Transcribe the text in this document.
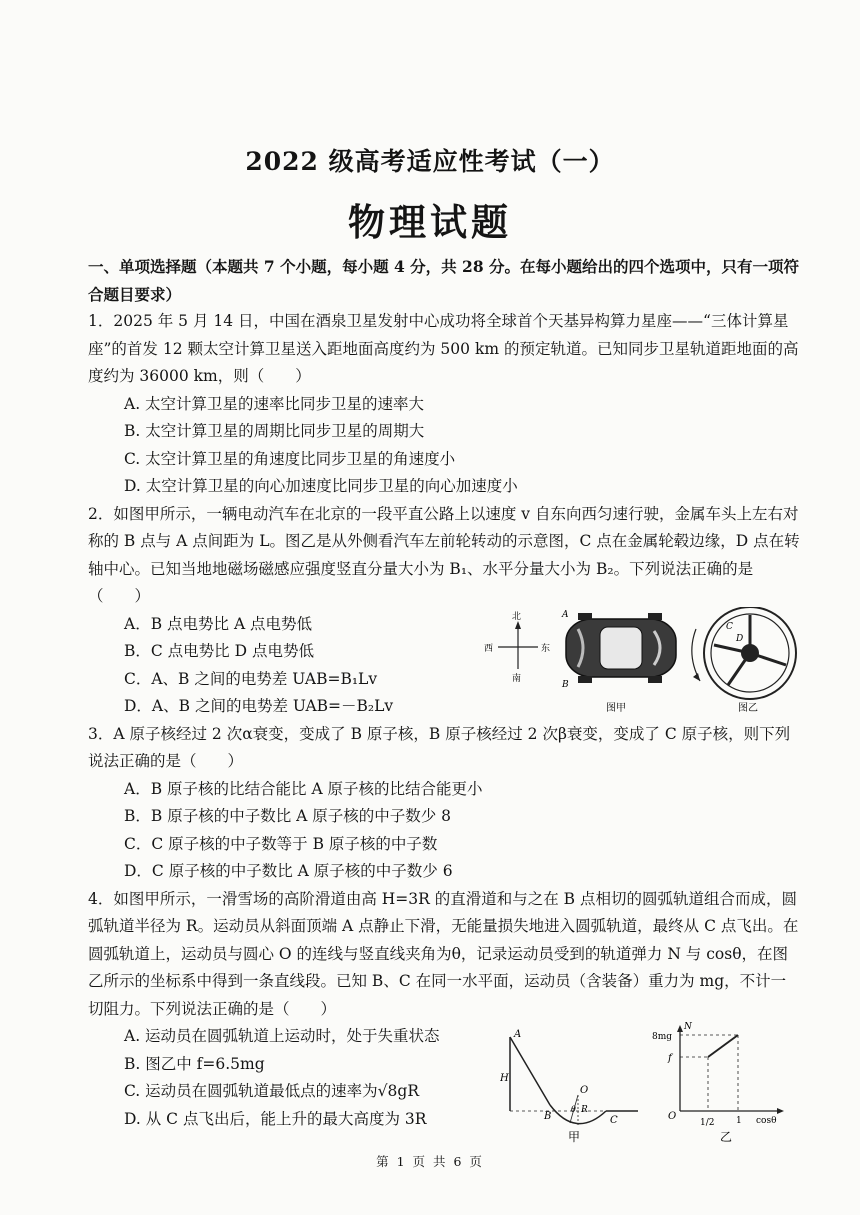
2022 级高考适应性考试（一）
物理试题
一、单项选择题（本题共 7 个小题，每小题 4 分，共 28 分。在每小题给出的四个选项中，只有一项符合题目要求）
1．2025 年 5 月 14 日，中国在酒泉卫星发射中心成功将全球首个天基异构算力星座——“三体计算星座”的首发 12 颗太空计算卫星送入距地面高度约为 500 km 的预定轨道。已知同步卫星轨道距地面的高度约为 36000 km，则（　　）
A. 太空计算卫星的速率比同步卫星的速率大
B. 太空计算卫星的周期比同步卫星的周期大
C. 太空计算卫星的角速度比同步卫星的角速度小
D. 太空计算卫星的向心加速度比同步卫星的向心加速度小
2．如图甲所示，一辆电动汽车在北京的一段平直公路上以速度 v 自东向西匀速行驶，金属车头上左右对称的 B 点与 A 点间距为 L。图乙是从外侧看汽车左前轮转动的示意图，C 点在金属轮毂边缘，D 点在转轴中心。已知当地地磁场磁感应强度竖直分量大小为 B₁、水平分量大小为 B₂。下列说法正确的是（　　）
A．B 点电势比 A 点电势低
B．C 点电势比 D 点电势低
C．A、B 之间的电势差 UAB=B₁Lv
D．A、B 之间的电势差 UAB=－B₂Lv
北
南
西	东
A
B
图甲
C
D
图乙
3．A 原子核经过 2 次α衰变，变成了 B 原子核，B 原子核经过 2 次β衰变，变成了 C 原子核，则下列说法正确的是（　　）
A．B 原子核的比结合能比 A 原子核的比结合能更小
B．B 原子核的中子数比 A 原子核的中子数少 8
C．C 原子核的中子数等于 B 原子核的中子数
D．C 原子核的中子数比 A 原子核的中子数少 6
4．如图甲所示，一滑雪场的高阶滑道由高 H=3R 的直滑道和与之在 B 点相切的圆弧轨道组合而成，圆弧轨道半径为 R。运动员从斜面顶端 A 点静止下滑，无能量损失地进入圆弧轨道，最终从 C 点飞出。在圆弧轨道上，运动员与圆心 O 的连线与竖直线夹角为θ，记录运动员受到的轨道弹力 N 与 cosθ，在图乙所示的坐标系中得到一条直线段。已知 B、C 在同一水平面，运动员（含装备）重力为 mg，不计一切阻力。下列说法正确的是（　　）
A. 运动员在圆弧轨道上运动时，处于失重状态
B. 图乙中 f=6.5mg
C. 运动员在圆弧轨道最低点的速率为√8gR
D. 从 C 点飞出后，能上升的最大高度为 3R
A
H
B	C
O
θ R
甲
N
8mg
f
O
1/2 1 cosθ
乙
第 1 页 共 6 页
